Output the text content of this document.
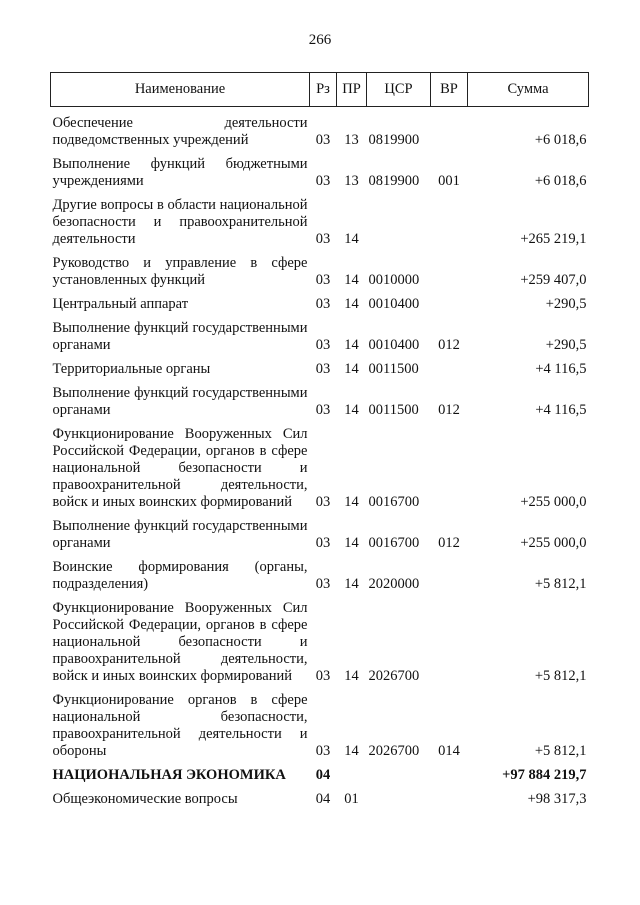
266
Наименование	Рз	ПР	ЦСР	ВР	Сумма
Обеспечение деятельности подведомственных учреждений	03	13	0819900		+6 018,6
Выполнение функций бюджетными учреждениями	03	13	0819900	001	+6 018,6
Другие вопросы в области национальной безопасности и правоохранительной деятельности	03	14			+265 219,1
Руководство и управление в сфере установленных функций	03	14	0010000		+259 407,0
Центральный аппарат	03	14	0010400		+290,5
Выполнение функций государственными органами	03	14	0010400	012	+290,5
Территориальные органы	03	14	0011500		+4 116,5
Выполнение функций государственными органами	03	14	0011500	012	+4 116,5
Функционирование Вооруженных Сил Российской Федерации, органов в сфере национальной безопасности и правоохранительной деятельности, войск и иных воинских формирований	03	14	0016700		+255 000,0
Выполнение функций государственными органами	03	14	0016700	012	+255 000,0
Воинские формирования (органы, подразделения)	03	14	2020000		+5 812,1
Функционирование Вооруженных Сил Российской Федерации, органов в сфере национальной безопасности и правоохранительной деятельности, войск и иных воинских формирований	03	14	2026700		+5 812,1
Функционирование органов в сфере национальной безопасности, правоохранительной деятельности и обороны	03	14	2026700	014	+5 812,1
НАЦИОНАЛЬНАЯ ЭКОНОМИКА	04				+97 884 219,7
Общеэкономические вопросы	04	01			+98 317,3
